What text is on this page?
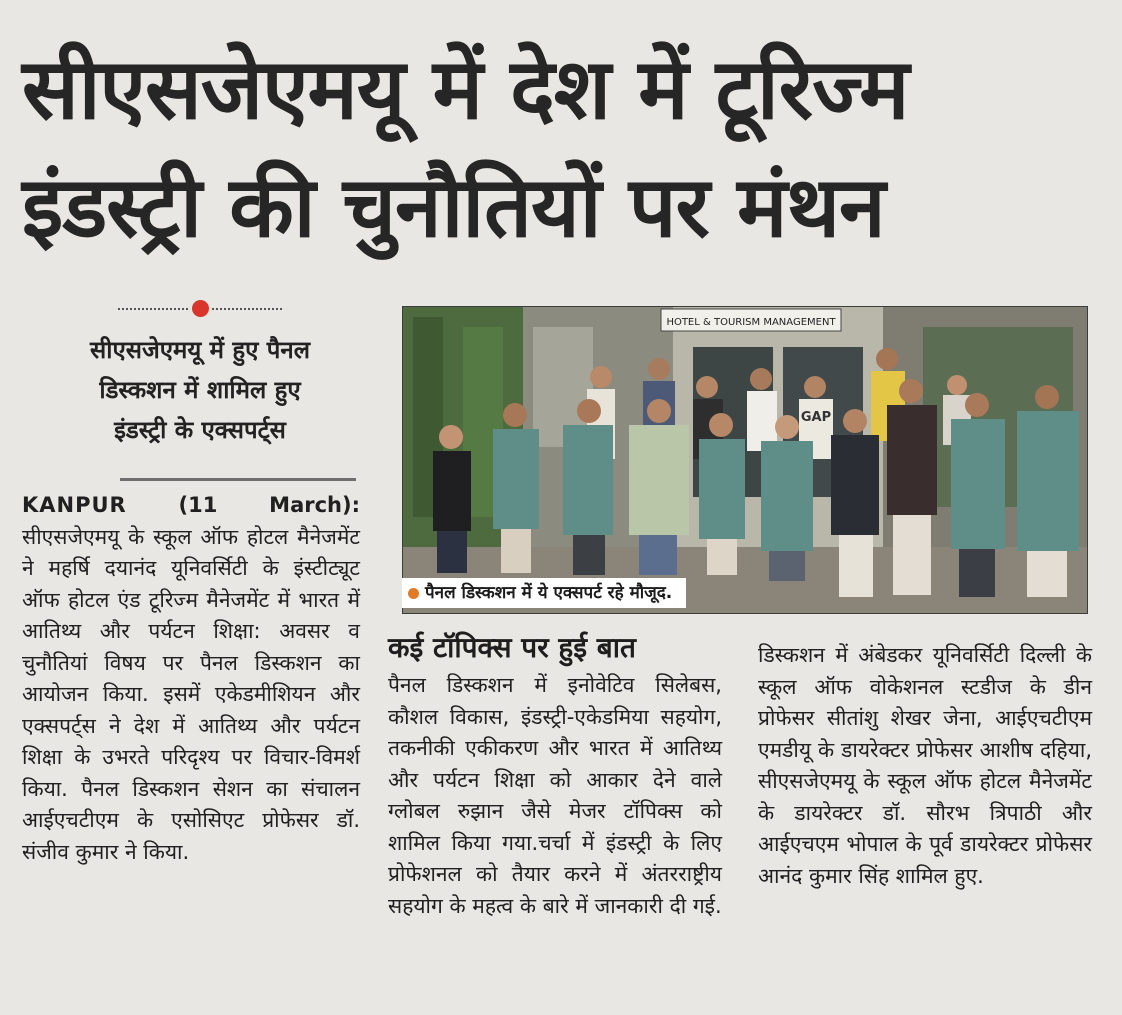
सीएसजेएमयू में देश में टूरिज्म
इंडस्ट्री की चुनौतियों पर मंथन
सीएसजेएमयू में हुए पैनल
डिस्कशन में शामिल हुए
इंडस्ट्री के एक्सपर्ट्स
KANPUR (11 March): सीएसजेएमयू के स्कूल ऑफ होटल मैनेजमेंट ने महर्षि दयानंद यूनिवर्सिटी के इंस्टीट्यूट ऑफ होटल एंड टूरिज्म मैनेजमेंट में भारत में आतिथ्य और पर्यटन शिक्षा: अवसर व चुनौतियां विषय पर पैनल डिस्कशन का आयोजन किया. इसमें एकेडमीशियन और एक्सपर्ट्स ने देश में आतिथ्य और पर्यटन शिक्षा के उभरते परिदृश्य पर विचार-विमर्श किया. पैनल डिस्कशन सेशन का संचालन आईएचटीएम के एसोसिएट प्रोफेसर डॉ. संजीव कुमार ने किया.
HOTEL & TOURISM MANAGEMENT
GAP
पैनल डिस्कशन में ये एक्सपर्ट रहे मौजूद.
कई टॉपिक्स पर हुई बात
पैनल डिस्कशन में इनोवेटिव सिलेबस, कौशल विकास, इंडस्ट्री-एकेडमिया सहयोग, तकनीकी एकीकरण और भारत में आतिथ्य और पर्यटन शिक्षा को आकार देने वाले ग्लोबल रुझान जैसे मेजर टॉपिक्स को शामिल किया गया.चर्चा में इंडस्ट्री के लिए प्रोफेशनल को तैयार करने में अंतरराष्ट्रीय सहयोग के महत्व के बारे में जानकारी दी गई.
डिस्कशन में अंबेडकर यूनिवर्सिटी दिल्ली के स्कूल ऑफ वोकेशनल स्टडीज के डीन प्रोफेसर सीतांशु शेखर जेना, आईएचटीएम एमडीयू के डायरेक्टर प्रोफेसर आशीष दहिया, सीएसजेएमयू के स्कूल ऑफ होटल मैनेजमेंट के डायरेक्टर डॉ. सौरभ त्रिपाठी और आईएचएम भोपाल के पूर्व डायरेक्टर प्रोफेसर आनंद कुमार सिंह शामिल हुए.
